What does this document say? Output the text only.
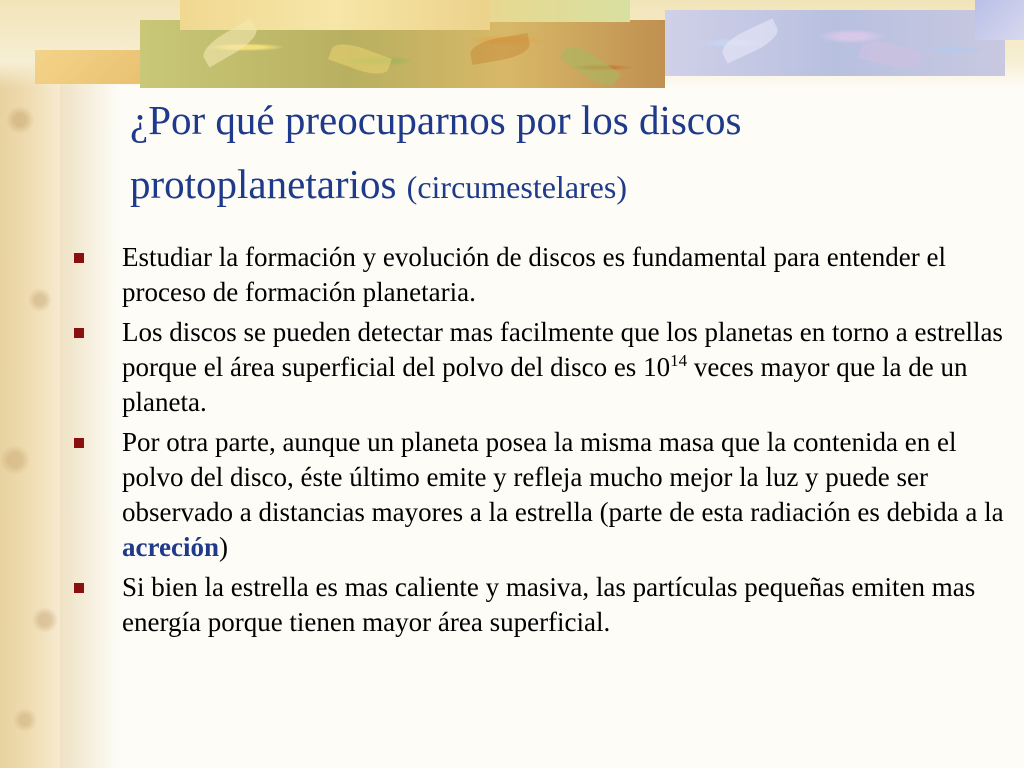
¿Por qué preocuparnos por los discos
protoplanetarios (circumestelares)
Estudiar la formación y evolución de discos es fundamental para entender el proceso de formación planetaria.
Los discos se pueden detectar mas facilmente que los planetas en torno a estrellas porque el área superficial del polvo del disco es $10^{14}$ veces mayor que la de un planeta.
Por otra parte, aunque un planeta posea la misma masa que la contenida en el polvo del disco, éste último emite y refleja mucho mejor la luz y puede ser observado a distancias mayores a la estrella (parte de esta radiación es debida a la acreción)
Si bien la estrella es mas caliente y masiva, las partículas pequeñas emiten mas energía porque tienen mayor área superficial.
